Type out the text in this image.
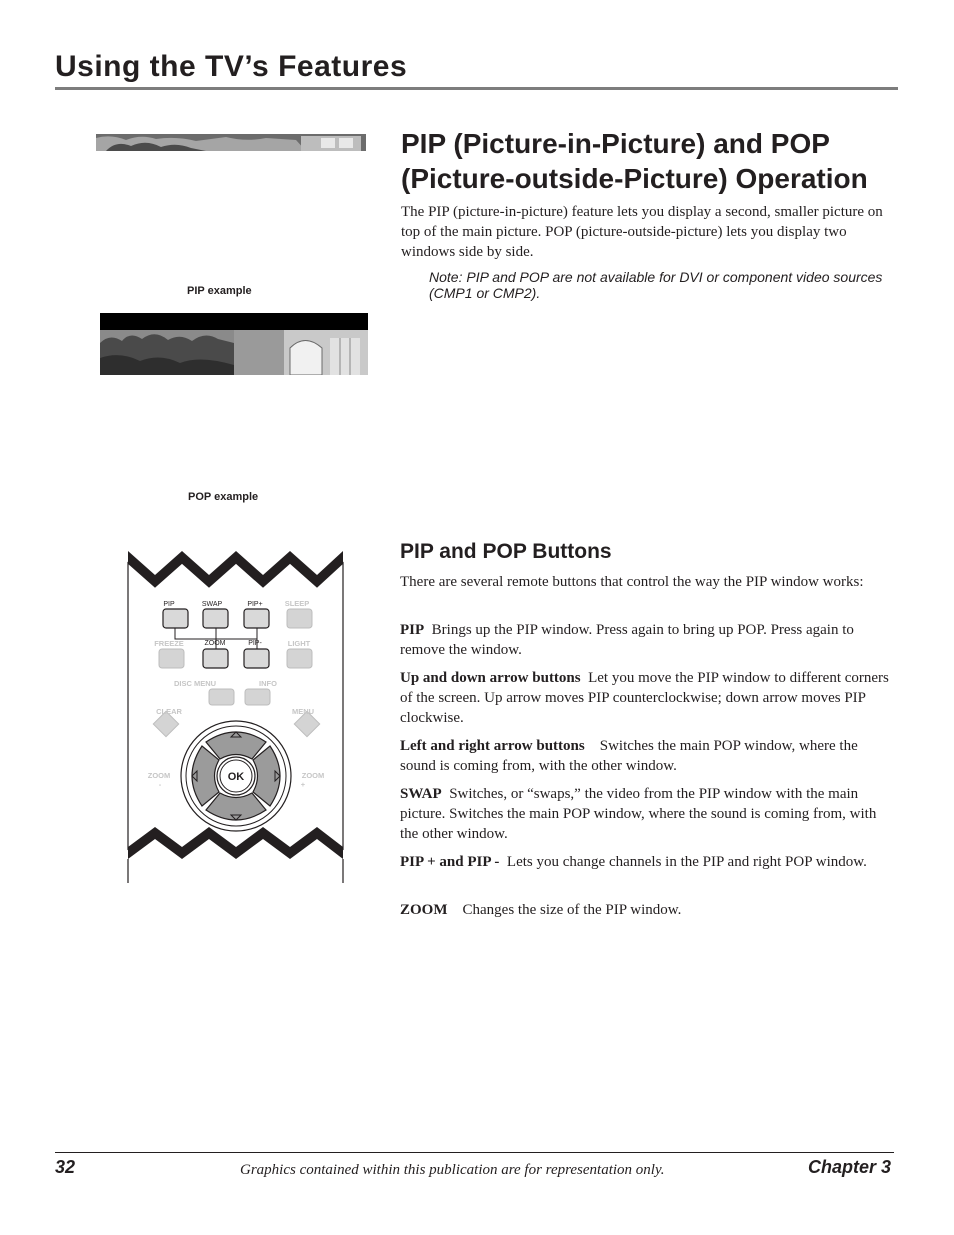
Using the TV’s Features
PIP example
POP example
PIP (Picture-in-Picture) and POP
(Picture-outside-Picture) Operation
The PIP (picture-in-picture) feature lets you display a second, smaller picture on top of the main picture. POP (picture-outside-picture) lets you display two windows side by side.
Note: PIP and POP are not available for DVI or component video sources (CMP1 or CMP2).
PIP	SWAP	PIP+
ZOOM	PIP-
SLEEP
FREEZE	LIGHT
DISC MENU	INFO
CLEAR	MENU
ZOOM	ZOOM
-	+
OK
PIP and POP Buttons
There are several remote buttons that control the way the PIP window works:
PIP Brings up the PIP window. Press again to bring up POP. Press again to remove the window.
Up and down arrow buttons Let you move the PIP window to different corners of the screen. Up arrow moves PIP counterclockwise; down arrow moves PIP clockwise.
Left and right arrow buttons Switches the main POP window, where the sound is coming from, with the other window.
SWAP Switches, or “swaps,” the video from the PIP window with the main picture. Switches the main POP window, where the sound is coming from, with the other window.
PIP + and PIP - Lets you change channels in the PIP and right POP window.
ZOOM Changes the size of the PIP window.
32	Graphics contained within this publication are for representation only.	Chapter 3
